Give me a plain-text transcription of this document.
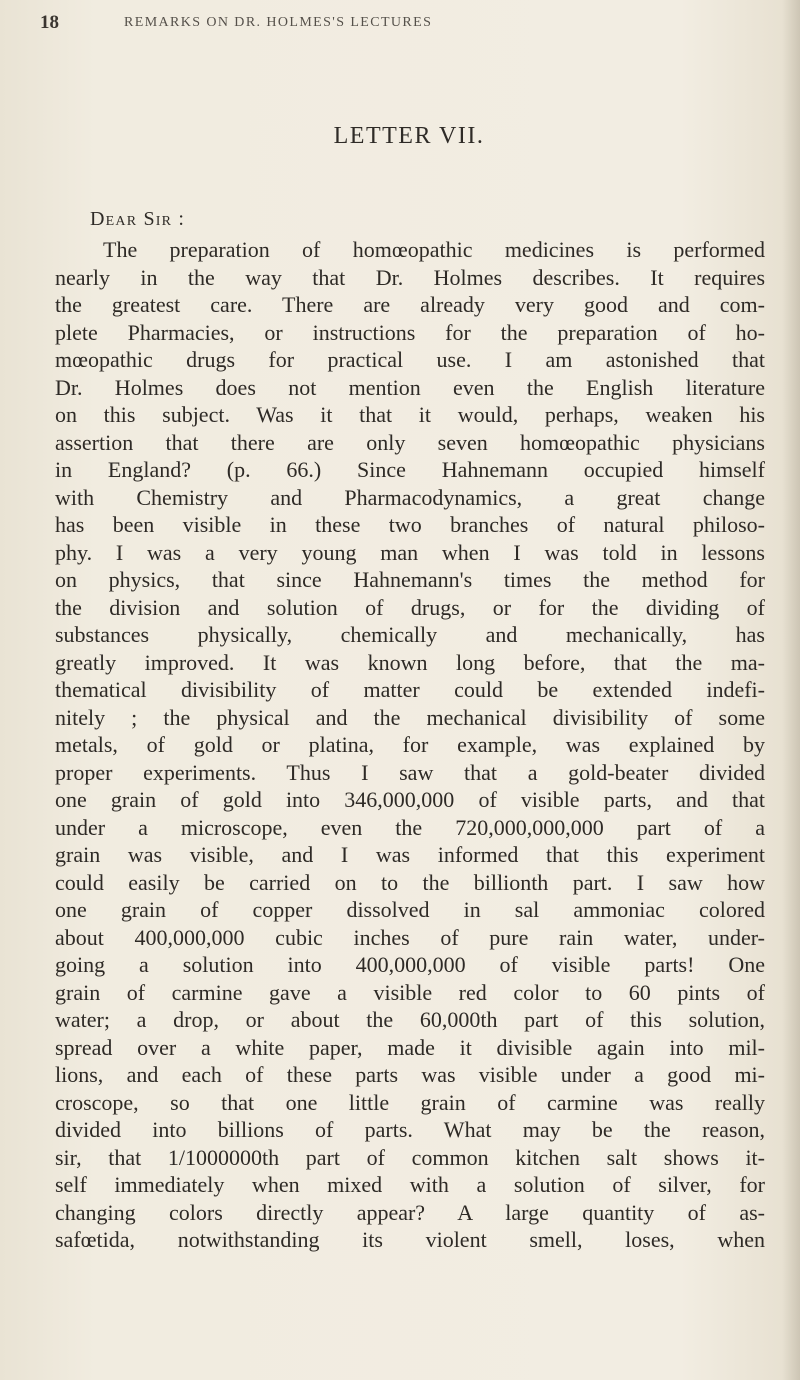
18	REMARKS ON DR. HOLMES'S LECTURES
LETTER VII.
Dear Sir :
The preparation of homœopathic medicines is performed
nearly in the way that Dr. Holmes describes. It requires
the greatest care. There are already very good and com-
plete Pharmacies, or instructions for the preparation of ho-
mœopathic drugs for practical use. I am astonished that
Dr. Holmes does not mention even the English literature
on this subject. Was it that it would, perhaps, weaken his
assertion that there are only seven homœopathic physicians
in England? (p. 66.) Since Hahnemann occupied himself
with Chemistry and Pharmacodynamics, a great change
has been visible in these two branches of natural philoso-
phy. I was a very young man when I was told in lessons
on physics, that since Hahnemann's times the method for
the division and solution of drugs, or for the dividing of
substances physically, chemically and mechanically, has
greatly improved. It was known long before, that the ma-
thematical divisibility of matter could be extended indefi-
nitely ; the physical and the mechanical divisibility of some
metals, of gold or platina, for example, was explained by
proper experiments. Thus I saw that a gold-beater divided
one grain of gold into 346,000,000 of visible parts, and that
under a microscope, even the 720,000,000,000 part of a
grain was visible, and I was informed that this experiment
could easily be carried on to the billionth part. I saw how
one grain of copper dissolved in sal ammoniac colored
about 400,000,000 cubic inches of pure rain water, under-
going a solution into 400,000,000 of visible parts! One
grain of carmine gave a visible red color to 60 pints of
water; a drop, or about the 60,000th part of this solution,
spread over a white paper, made it divisible again into mil-
lions, and each of these parts was visible under a good mi-
croscope, so that one little grain of carmine was really
divided into billions of parts. What may be the reason,
sir, that 1/1000000th part of common kitchen salt shows it-
self immediately when mixed with a solution of silver, for
changing colors directly appear? A large quantity of as-
safœtida, notwithstanding its violent smell, loses, when
